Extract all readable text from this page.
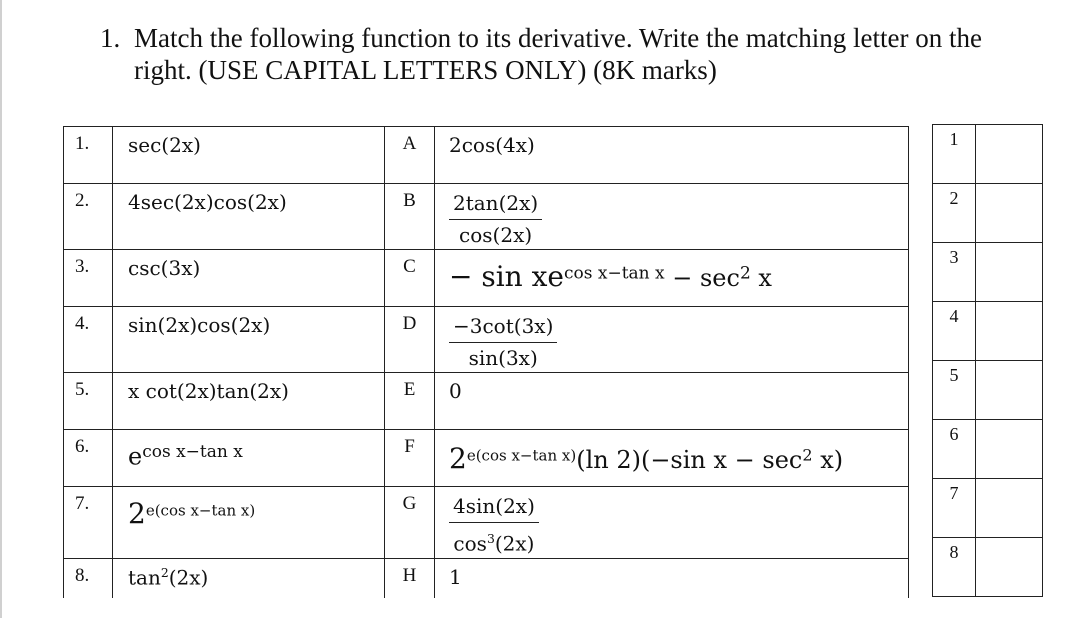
1. Match the following function to its derivative. Write the matching letter on the
right. (USE CAPITAL LETTERS ONLY) (8K marks)
1.	sec(2x)	A	2cos(4x)
2.	4sec(2x)cos(2x)	B	$\frac{2\tan(2x)}{\cos(2x)}$

3.	csc(3x)	C	− $\sin xe^{cos x-tan x} - \sec^2 x$
4.	sin(2x)cos(2x)	D	$\frac{-3\cot(3x)}{\sin(3x)}$

5.	x cot(2x)tan(2x)	E	0
6.	$e^{cos x-tan x}$	F	$2^{e(cos x-tan x)}(\ln$ 2)(−sin $x - \sec^2 x$)
7.	$2^{e(cos x-tan x)}$	G	$\frac{4\sin(2x)}{\cos^3(2x)}$

8.	$\tan^2(2x)$	H	1
1	
2	
3	
4	
5	
6	
7	
8	
